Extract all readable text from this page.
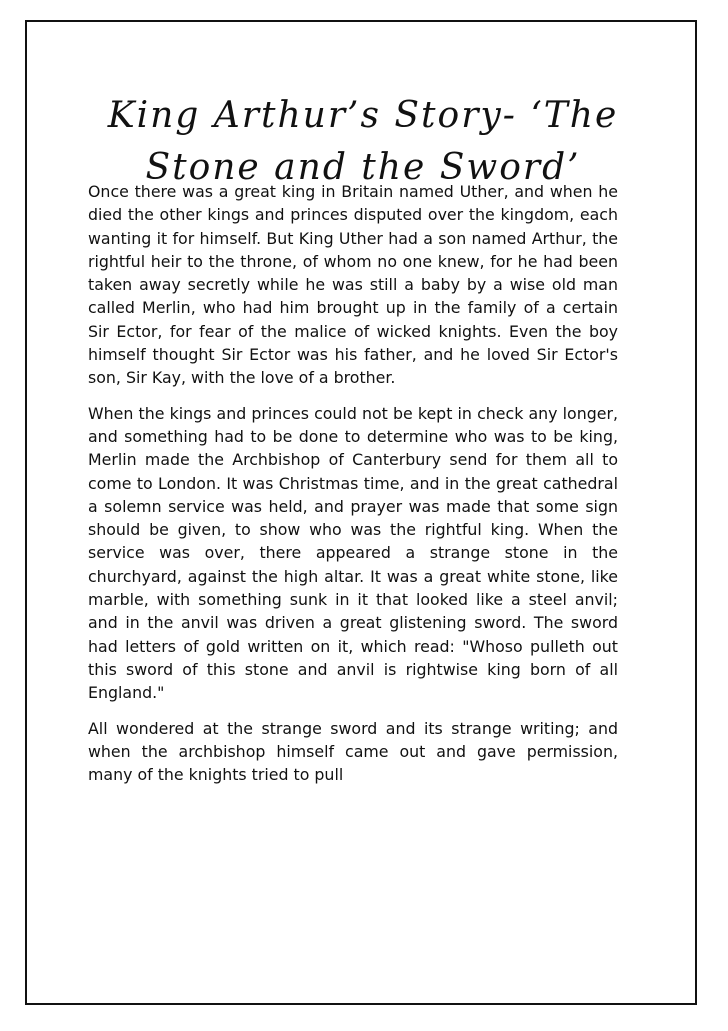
King Arthur’s Story- ‘The Stone and the Sword’

Once there was a great king in Britain named Uther, and when he died the other kings and princes disputed over the kingdom, each wanting it for himself. But King Uther had a son named Arthur, the rightful heir to the throne, of whom no one knew, for he had been taken away secretly while he was still a baby by a wise old man called Merlin, who had him brought up in the family of a certain Sir Ector, for fear of the malice of wicked knights. Even the boy himself thought Sir Ector was his father, and he loved Sir Ector's son, Sir Kay, with the love of a brother.

When the kings and princes could not be kept in check any longer, and something had to be done to determine who was to be king, Merlin made the Archbishop of Canterbury send for them all to come to London. It was Christmas time, and in the great cathedral a solemn service was held, and prayer was made that some sign should be given, to show who was the rightful king. When the service was over, there appeared a strange stone in the churchyard, against the high altar. It was a great white stone, like marble, with something sunk in it that looked like a steel anvil; and in the anvil was driven a great glistening sword. The sword had letters of gold written on it, which read: "Whoso pulleth out this sword of this stone and anvil is rightwise king born of all England."

All wondered at the strange sword and its strange writing; and when the archbishop himself came out and gave permission, many of the knights tried to pull
